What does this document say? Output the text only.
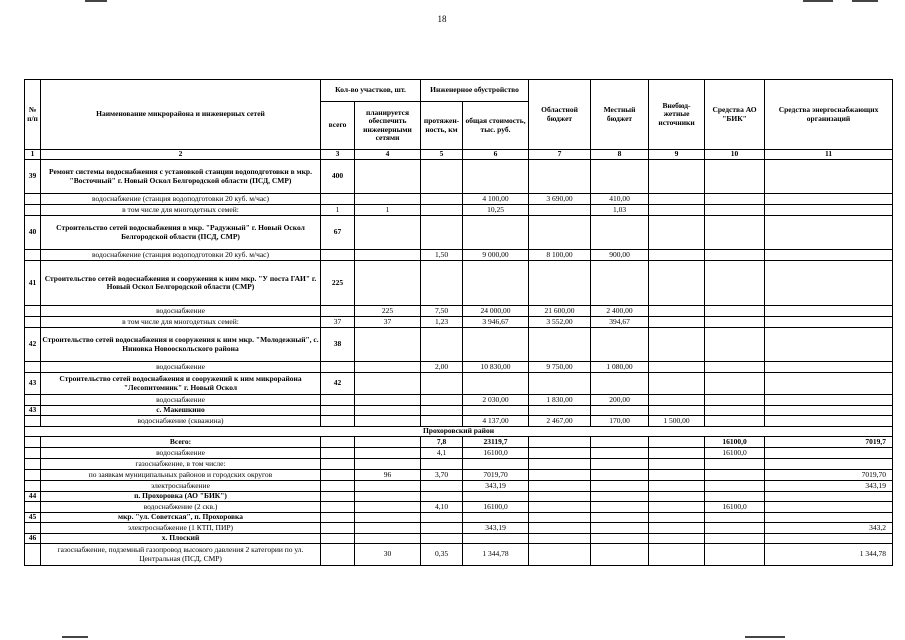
18
№ п/п	Наименование микрорайона и инженерных сетей	Кол-во участков, шт.		Инженерное обустройство		Областной бюджет	Местный бюджет	Внебюд-жетные источники	Средства АО "БИК"	Средства энергоснабжающих организаций
		всего	планируется обеспечить инженерными сетями	протяжен-ность, км	общая стоимость, тыс. руб.					
1	2	3	4	5	6	7	8	9	10	11
39	Ремонт системы водоснабжения с установкой станции водоподготовки в мкр. "Восточный" г. Новый Оскол Белгородской области (ПСД, СМР)	400								
	водоснабжение (станция водоподготовки 20 куб. м/час)				4 100,00	3 690,00	410,00			
	в том числе для многодетных семей:	1	1		10,25		1,03			
40	Строительство сетей водоснабжения в мкр. "Радужный" г. Новый Оскол Белгородской области (ПСД, СМР)	67								
	водоснабжение (станция водоподготовки 20 куб. м/час)			1,50	9 000,00	8 100,00	900,00			
41	Строительство сетей водоснабжения и сооружения к ним мкр. "У поста ГАИ" г. Новый Оскол Белгородской области (СМР)	225								
	водоснабжение		225	7,50	24 000,00	21 600,00	2 400,00			
	в том числе для многодетных семей:	37	37	1,23	3 946,67	3 552,00	394,67			
42	Строительство сетей водоснабжения и сооружения к ним мкр. "Молодежный", с. Ниновка Новооскольского района	38								
	водоснабжение			2,00	10 830,00	9 750,00	1 080,00			
43	Строительство сетей водоснабжения и сооружений к ним микрорайона "Лесопитомник" г. Новый Оскол	42								
	водоснабжение				2 030,00	1 830,00	200,00			
43	с. Макешкино									
	водоснабжение (скважина)				4 137,00	2 467,00	170,00	1 500,00		
Прохоровский район										
	Всего:			7,8	23119,7				16100,0	7019,7
	водоснабжение			4,1	16100,0				16100,0	
	газоснабжение, в том числе:									
	по заявкам муниципальных районов и городских округов		96	3,70	7019,70					7019,70
	электроснабжение				343,19					343,19
44	п. Прохоровка (АО "БИК")									
	водоснабжение (2 скв.)			4,10	16100,0				16100,0	
45	мкр. "ул. Советская", п. Прохоровка									
	электроснабжение (1 КТП, ПИР)				343,19					343,2
46	х. Плоский									
	газоснабжение, подземный газопровод высокого давления 2 категории по ул. Центральная (ПСД, СМР)		30	0,35	1 344,78					1 344,78
